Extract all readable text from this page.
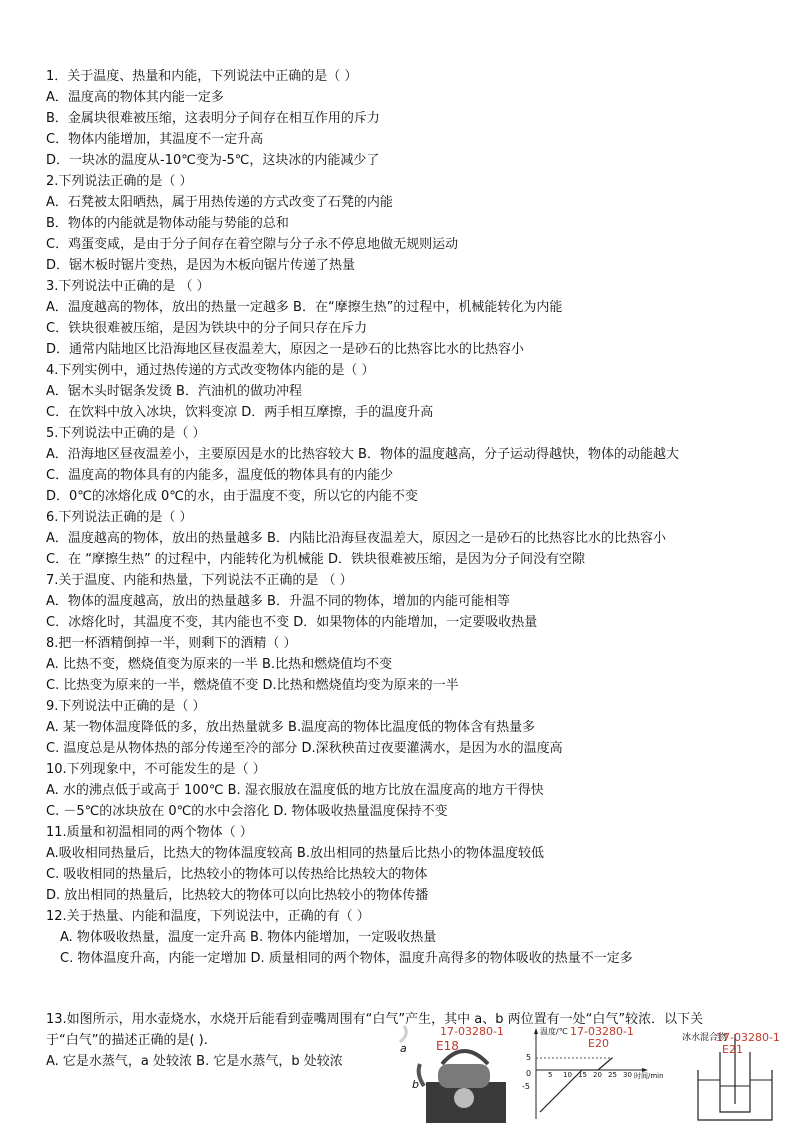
1．关于温度、热量和内能，下列说法中正确的是（ ）
A．温度高的物体其内能一定多
B．金属块很难被压缩，这表明分子间存在相互作用的斥力
C．物体内能增加，其温度不一定升高
D．一块冰的温度从-10℃变为-5℃，这块冰的内能减少了
2.下列说法正确的是（ ）
A．石凳被太阳晒热，属于用热传递的方式改变了石凳的内能
B．物体的内能就是物体动能与势能的总和
C．鸡蛋变咸，是由于分子间存在着空隙与分子永不停息地做无规则运动
D．锯木板时锯片变热，是因为木板向锯片传递了热量
3.下列说法中正确的是 （ ）
A．温度越高的物体，放出的热量一定越多 B．在“摩擦生热”的过程中，机械能转化为内能
C．铁块很难被压缩，是因为铁块中的分子间只存在斥力
D．通常内陆地区比沿海地区昼夜温差大，原因之一是砂石的比热容比水的比热容小
4.下列实例中，通过热传递的方式改变物体内能的是（ ）
A．锯木头时锯条发烫 B．汽油机的做功冲程
C．在饮料中放入冰块，饮料变凉 D．两手相互摩擦，手的温度升高
5.下列说法中正确的是（ ）
A．沿海地区昼夜温差小，主要原因是水的比热容较大 B．物体的温度越高，分子运动得越快，物体的动能越大
C．温度高的物体具有的内能多，温度低的物体具有的内能少
D．0℃的冰熔化成 0℃的水，由于温度不变，所以它的内能不变
6.下列说法正确的是（ ）
A．温度越高的物体，放出的热量越多 B．内陆比沿海昼夜温差大，原因之一是砂石的比热容比水的比热容小
C．在 “摩擦生热” 的过程中，内能转化为机械能 D．铁块很难被压缩，是因为分子间没有空隙
7.关于温度、内能和热量，下列说法不正确的是 （ ）
A．物体的温度越高，放出的热量越多 B．升温不同的物体，增加的内能可能相等
C．冰熔化时，其温度不变，其内能也不变 D．如果物体的内能增加，一定要吸收热量
8.把一杯酒精倒掉一半，则剩下的酒精（ ）
A. 比热不变，燃烧值变为原来的一半 B.比热和燃烧值均不变
C. 比热变为原来的一半，燃烧值不变 D.比热和燃烧值均变为原来的一半
9.下列说法中正确的是（ ）
A. 某一物体温度降低的多，放出热量就多 B.温度高的物体比温度低的物体含有热量多
C. 温度总是从物体热的部分传递至冷的部分 D.深秋秧苗过夜要灌满水，是因为水的温度高
10.下列现象中，不可能发生的是（ ）
A. 水的沸点低于或高于 100℃ B. 湿衣服放在温度低的地方比放在温度高的地方干得快
C. －5℃的冰块放在 0℃的水中会溶化 D. 物体吸收热量温度保持不变
11.质量和初温相同的两个物体（ ）
A.吸收相同热量后，比热大的物体温度较高 B.放出相同的热量后比热小的物体温度较低
C. 吸收相同的热量后，比热较小的物体可以传热给比热较大的物体
D. 放出相同的热量后，比热较大的物体可以向比热较小的物体传播
12.关于热量、内能和温度，下列说法中，正确的有（ ）
A. 物体吸收热量，温度一定升高 B. 物体内能增加，一定吸收热量
C. 物体温度升高，内能一定增加 D. 质量相同的两个物体，温度升高得多的物体吸收的热量不一定多
13.如图所示，用水壶烧水，水烧开后能看到壶嘴周围有“白气”产生，其中 a、b 两位置有一处“白气”较浓．以下关
于“白气”的描述正确的是( ).
A. 它是水蒸气，a 处较浓 B. 它是水蒸气，b 处较浓
17-03280-1
E18
a
b
温度/℃ 17-03280-1
E20
5
0
-5
5 10 15 20 25 30 时间/min
冰水混合物
17-03280-1
E21
